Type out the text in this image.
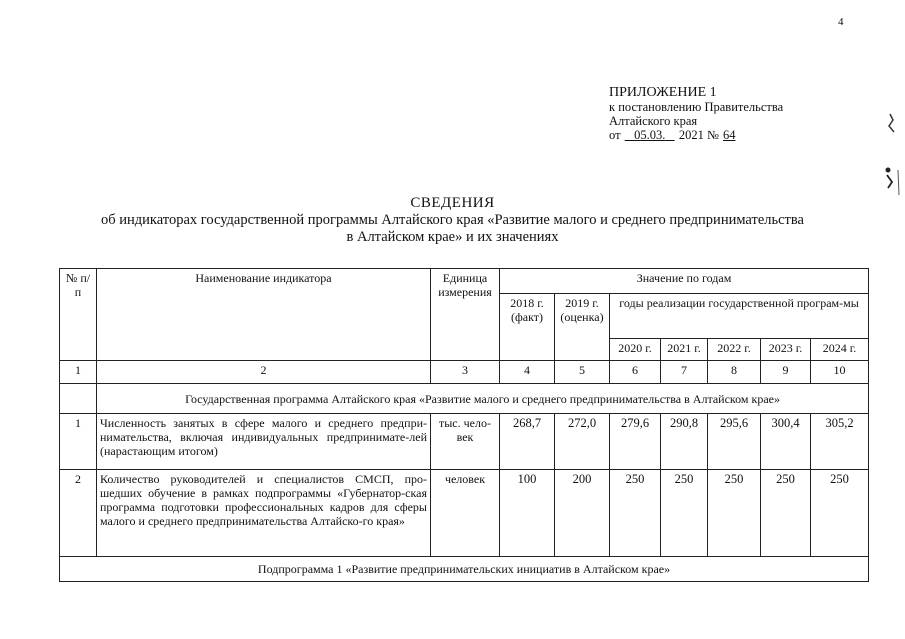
4
ПРИЛОЖЕНИЕ 1
к постановлению Правительства
Алтайского края
от 05.03. 2021 № 64
СВЕДЕНИЯ
об индикаторах государственной программы Алтайского края «Развитие малого и среднего предпринимательства
в Алтайском крае» и их значениях
№ п/п	Наименование индикатора	Единица измерения	Значение по годам						
			2018 г. (факт)	2019 г. (оценка)	годы реализации государственной програм-мы				
					2020 г.	2021 г.	2022 г.	2023 г.	2024 г.
1	2	3	4	5	6	7	8	9	10
	Государственная программа Алтайского края «Развитие малого и среднего предпринимательства в Алтайском крае»								
1	Численность занятых в сфере малого и среднего предпри-нимательства, включая индивидуальных предпринимате-лей (нарастающим итогом)	тыс. чело-век	268,7	272,0	279,6	290,8	295,6	300,4	305,2
2	Количество руководителей и специалистов СМСП, про-шедших обучение в рамках подпрограммы «Губернатор-ская программа подготовки профессиональных кадров для сферы малого и среднего предпринимательства Алтайско-го края»	человек	100	200	250	250	250	250	250
Подпрограмма 1 «Развитие предпринимательских инициатив в Алтайском крае»									
